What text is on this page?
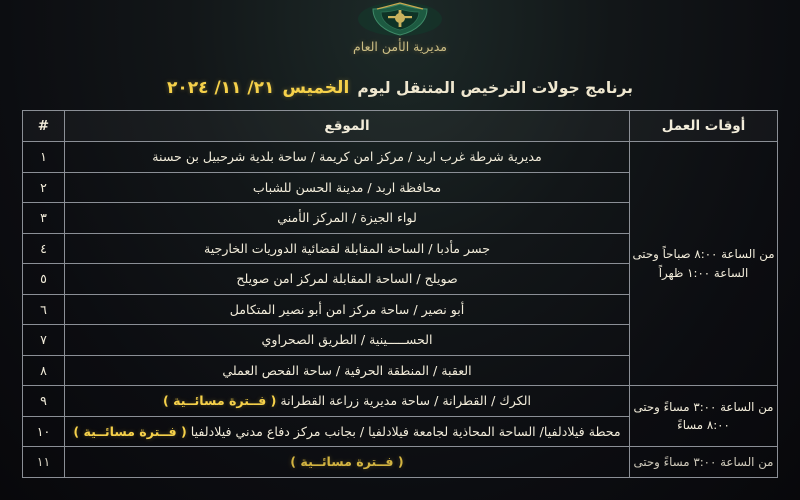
مديرية الأمن العام
برنامج جولات الترخيص المتنقل ليوم الخميس ٢١/ ١١/ ٢٠٢٤
أوقات العمل	الموقع	#
من الساعة ٨:٠٠ صباحاً وحتى الساعة ١:٠٠ ظهراً	مديرية شرطة غرب اربد / مركز امن كريمة / ساحة بلدية شرحبيل بن حسنة	١
	محافظة اربد / مدينة الحسن للشباب	٢
	لواء الجيزة / المركز الأمني	٣
	جسر مأدبا / الساحة المقابلة لقضائية الدوريات الخارجية	٤
	صويلح / الساحة المقابلة لمركز امن صويلح	٥
	أبو نصير / ساحة مركز امن أبو نصير المتكامل	٦
	الحســـــينية / الطريق الصحراوي	٧
	العقبة / المنطقة الحرفية / ساحة الفحص العملي	٨
من الساعة ٣:٠٠ مساءً وحتى ٨:٠٠ مساءً	الكرك / القطرانة / ساحة مديرية زراعة القطرانة ( فــترة مسائــية )	٩
	محطة فيلادلفيا/ الساحة المحاذية لجامعة فيلادلفيا / بجانب مركز دفاع مدني فيلادلفيا ( فــترة مسائــية )	١٠
من الساعة ٣:٠٠ مساءً وحتى	( فــترة مسائــية )	١١
